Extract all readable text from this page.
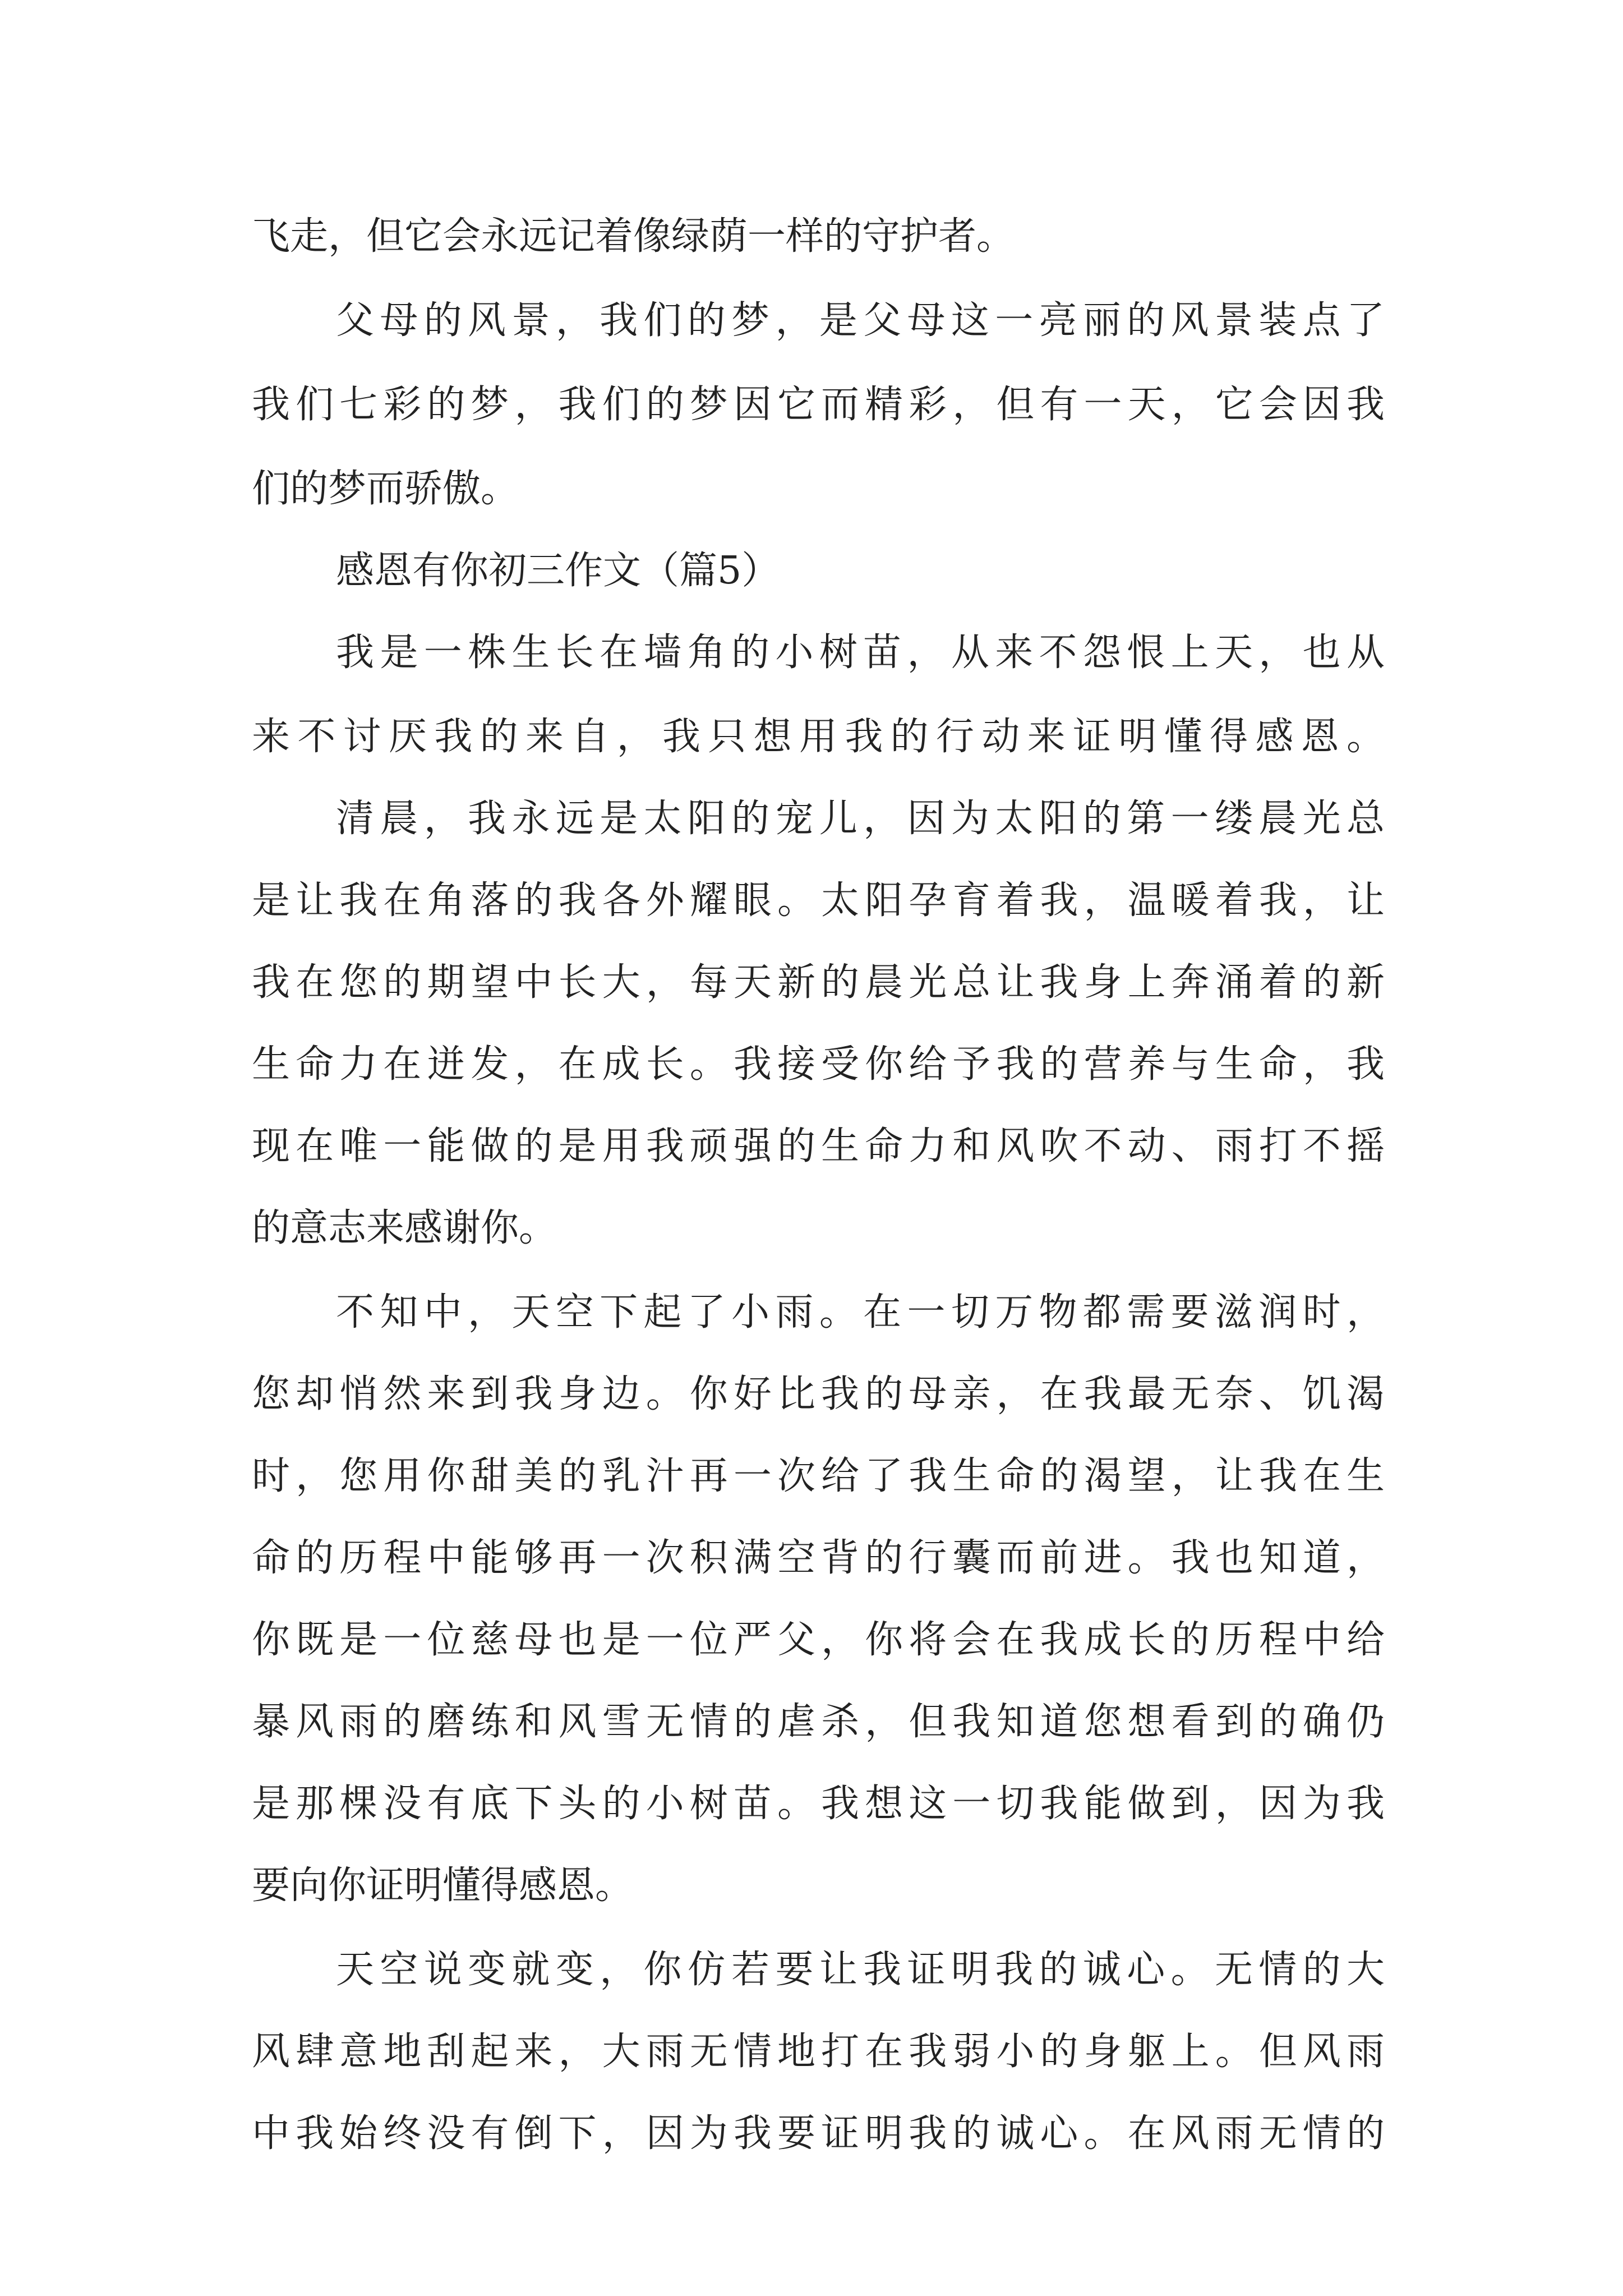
飞走，但它会永远记着像绿荫一样的守护者。
父母的风景，我们的梦，是父母这一亮丽的风景装点了
我们七彩的梦，我们的梦因它而精彩，但有一天，它会因我
们的梦而骄傲。
感恩有你初三作文（篇5）
我是一株生长在墙角的小树苗，从来不怨恨上天，也从
来不讨厌我的来自，我只想用我的行动来证明懂得感恩。
清晨，我永远是太阳的宠儿，因为太阳的第一缕晨光总
是让我在角落的我各外耀眼。太阳孕育着我，温暖着我，让
我在您的期望中长大，每天新的晨光总让我身上奔涌着的新
生命力在迸发，在成长。我接受你给予我的营养与生命，我
现在唯一能做的是用我顽强的生命力和风吹不动、雨打不摇
的意志来感谢你。
不知中，天空下起了小雨。在一切万物都需要滋润时，
您却悄然来到我身边。你好比我的母亲，在我最无奈、饥渴
时，您用你甜美的乳汁再一次给了我生命的渴望，让我在生
命的历程中能够再一次积满空背的行囊而前进。我也知道，
你既是一位慈母也是一位严父，你将会在我成长的历程中给
暴风雨的磨练和风雪无情的虐杀，但我知道您想看到的确仍
是那棵没有底下头的小树苗。我想这一切我能做到，因为我
要向你证明懂得感恩。
天空说变就变，你仿若要让我证明我的诚心。无情的大
风肆意地刮起来，大雨无情地打在我弱小的身躯上。但风雨
中我始终没有倒下，因为我要证明我的诚心。在风雨无情的
